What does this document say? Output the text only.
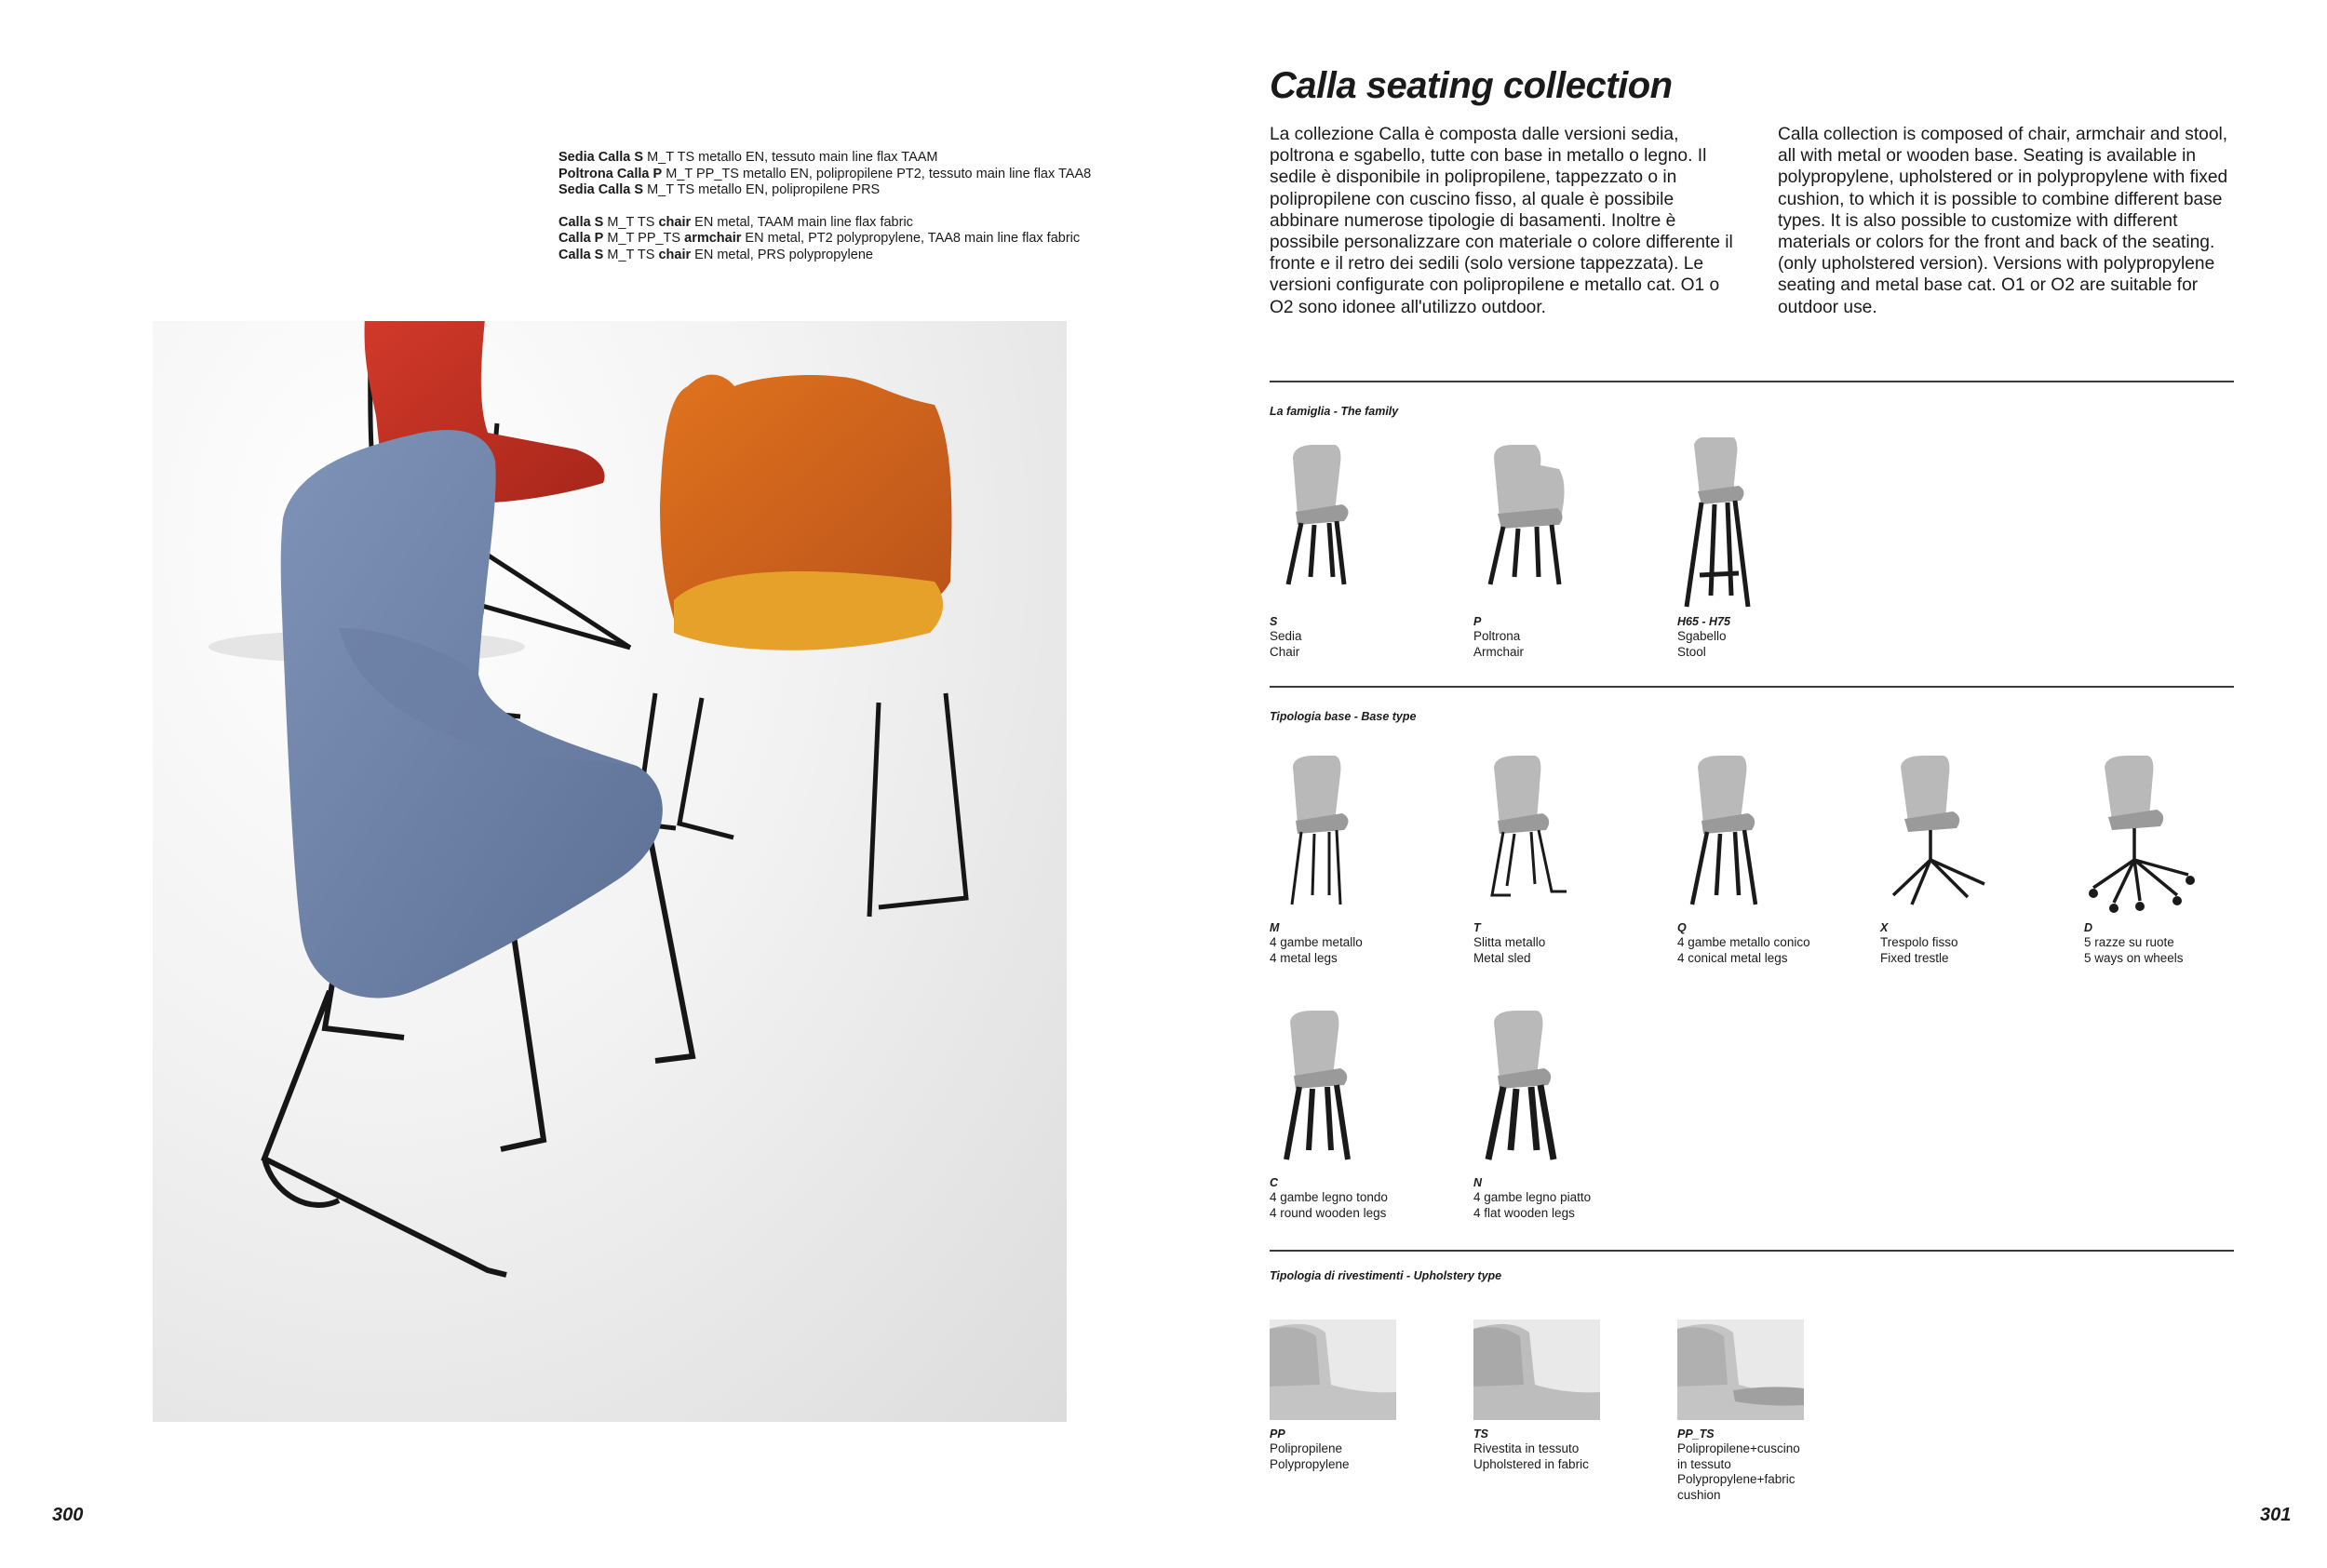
Sedia Calla S M_T TS metallo EN, tessuto main line flax TAAM
Poltrona Calla P M_T PP_TS metallo EN, polipropilene PT2, tessuto main line flax TAA8
Sedia Calla S M_T TS metallo EN, polipropilene PRS
Calla S M_T TS chair EN metal, TAAM main line flax fabric
Calla P M_T PP_TS armchair EN metal, PT2 polypropylene, TAA8 main line flax fabric
Calla S M_T TS chair EN metal, PRS polypropylene
300
Calla seating collection

La collezione Calla è composta dalle versioni sedia, poltrona e sgabello, tutte con base in metallo o legno. Il sedile è disponibile in polipropilene, tappezzato o in polipropilene con cuscino fisso, al quale è possibile abbinare numerose tipologie di basamenti. Inoltre è possibile personalizzare con materiale o colore differente il fronte e il retro dei sedili (solo versione tappezzata). Le versioni configurate con polipropilene e metallo cat. O1 o O2 sono idonee all'utilizzo outdoor.

Calla collection is composed of chair, armchair and stool, all with metal or wooden base. Seating is available in polypropylene, upholstered or in polypropylene with fixed cushion, to which it is possible to combine different base types. It is also possible to customize with different materials or colors for the front and back of the seating. (only upholstered version). Versions with polypropylene seating and metal base cat. O1 or O2 are suitable for outdoor use.

La famiglia - The family
S
Sedia
Chair
P
Poltrona
Armchair
H65 - H75
Sgabello
Stool
Tipologia base - Base type
M
4 gambe metallo
4 metal legs
T
Slitta metallo
Metal sled
Q
4 gambe metallo conico
4 conical metal legs
X
Trespolo fisso
Fixed trestle
D
5 razze su ruote
5 ways on wheels
C
4 gambe legno tondo
4 round wooden legs
N
4 gambe legno piatto
4 flat wooden legs
Tipologia di rivestimenti - Upholstery type
PP
Polipropilene
Polypropylene
TS
Rivestita in tessuto
Upholstered in fabric
PP_TS
Polipropilene+cuscino
in tessuto
Polypropylene+fabric
cushion
301
